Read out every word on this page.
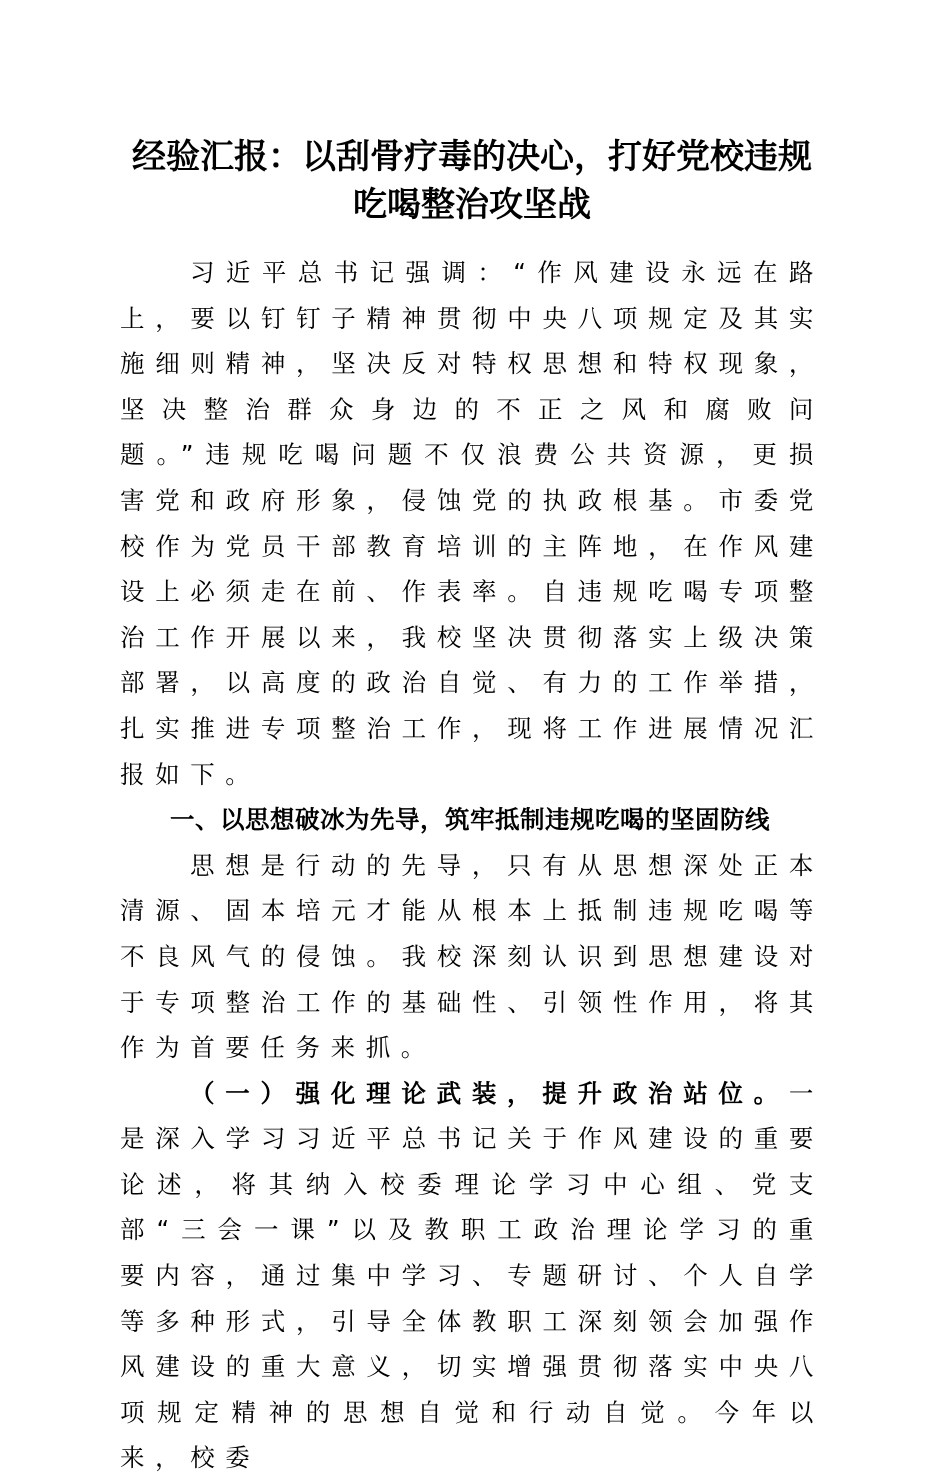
经验汇报：以刮骨疗毒的决心，打好党校违规
吃喝整治攻坚战

习近平总书记强调：“作风建设永远在路上，要以钉钉子精神贯彻中央八项规定及其实施细则精神，坚决反对特权思想和特权现象，坚决整治群众身边的不正之风和腐败问题。”违规吃喝问题不仅浪费公共资源，更损害党和政府形象，侵蚀党的执政根基。市委党校作为党员干部教育培训的主阵地，在作风建设上必须走在前、作表率。自违规吃喝专项整治工作开展以来，我校坚决贯彻落实上级决策部署，以高度的政治自觉、有力的工作举措，扎实推进专项整治工作，现将工作进展情况汇报如下。

一、以思想破冰为先导，筑牢抵制违规吃喝的坚固防线

思想是行动的先导，只有从思想深处正本清源、固本培元才能从根本上抵制违规吃喝等不良风气的侵蚀。我校深刻认识到思想建设对于专项整治工作的基础性、引领性作用，将其作为首要任务来抓。

（一）强化理论武装，提升政治站位。一是深入学习习近平总书记关于作风建设的重要论述，将其纳入校委理论学习中心组、党支部“三会一课”以及教职工政治理论学习的重要内容，通过集中学习、专题研讨、个人自学等多种形式，引导全体教职工深刻领会加强作风建设的重大意义，切实增强贯彻落实中央八项规定精神的思想自觉和行动自觉。今年以来，校委
